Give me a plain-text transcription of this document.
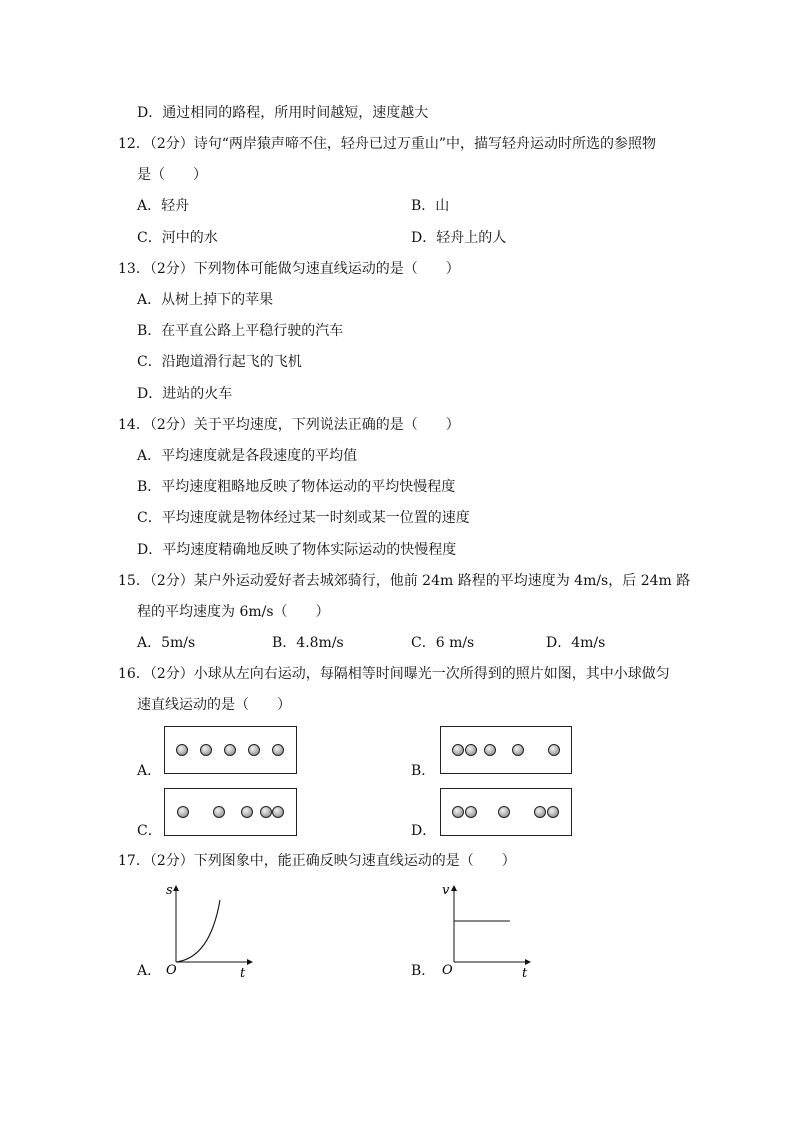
D．通过相同的路程，所用时间越短，速度越大
12．（2分）诗句“两岸猿声啼不住，轻舟已过万重山”中，描写轻舟运动时所选的参照物
是（　　）
A．轻舟	B．山
C．河中的水	D．轻舟上的人
13．（2分）下列物体可能做匀速直线运动的是（　　）
A．从树上掉下的苹果
B．在平直公路上平稳行驶的汽车
C．沿跑道滑行起飞的飞机
D．进站的火车
14．（2分）关于平均速度，下列说法正确的是（　　）
A．平均速度就是各段速度的平均值
B．平均速度粗略地反映了物体运动的平均快慢程度
C．平均速度就是物体经过某一时刻或某一位置的速度
D．平均速度精确地反映了物体实际运动的快慢程度
15．（2分）某户外运动爱好者去城郊骑行，他前 24m 路程的平均速度为 4m/s，后 24m 路
程的平均速度为 6m/s（　　）
A．5m/s	B．4.8m/s	C．6 m/s	D．4m/s
16．（2分）小球从左向右运动，每隔相等时间曝光一次所得到的照片如图，其中小球做匀
速直线运动的是（　　）
A．	B．
C．	D．
17．（2分）下列图象中，能正确反映匀速直线运动的是（　　）
A．
s
t
O	B．
v
t
O
